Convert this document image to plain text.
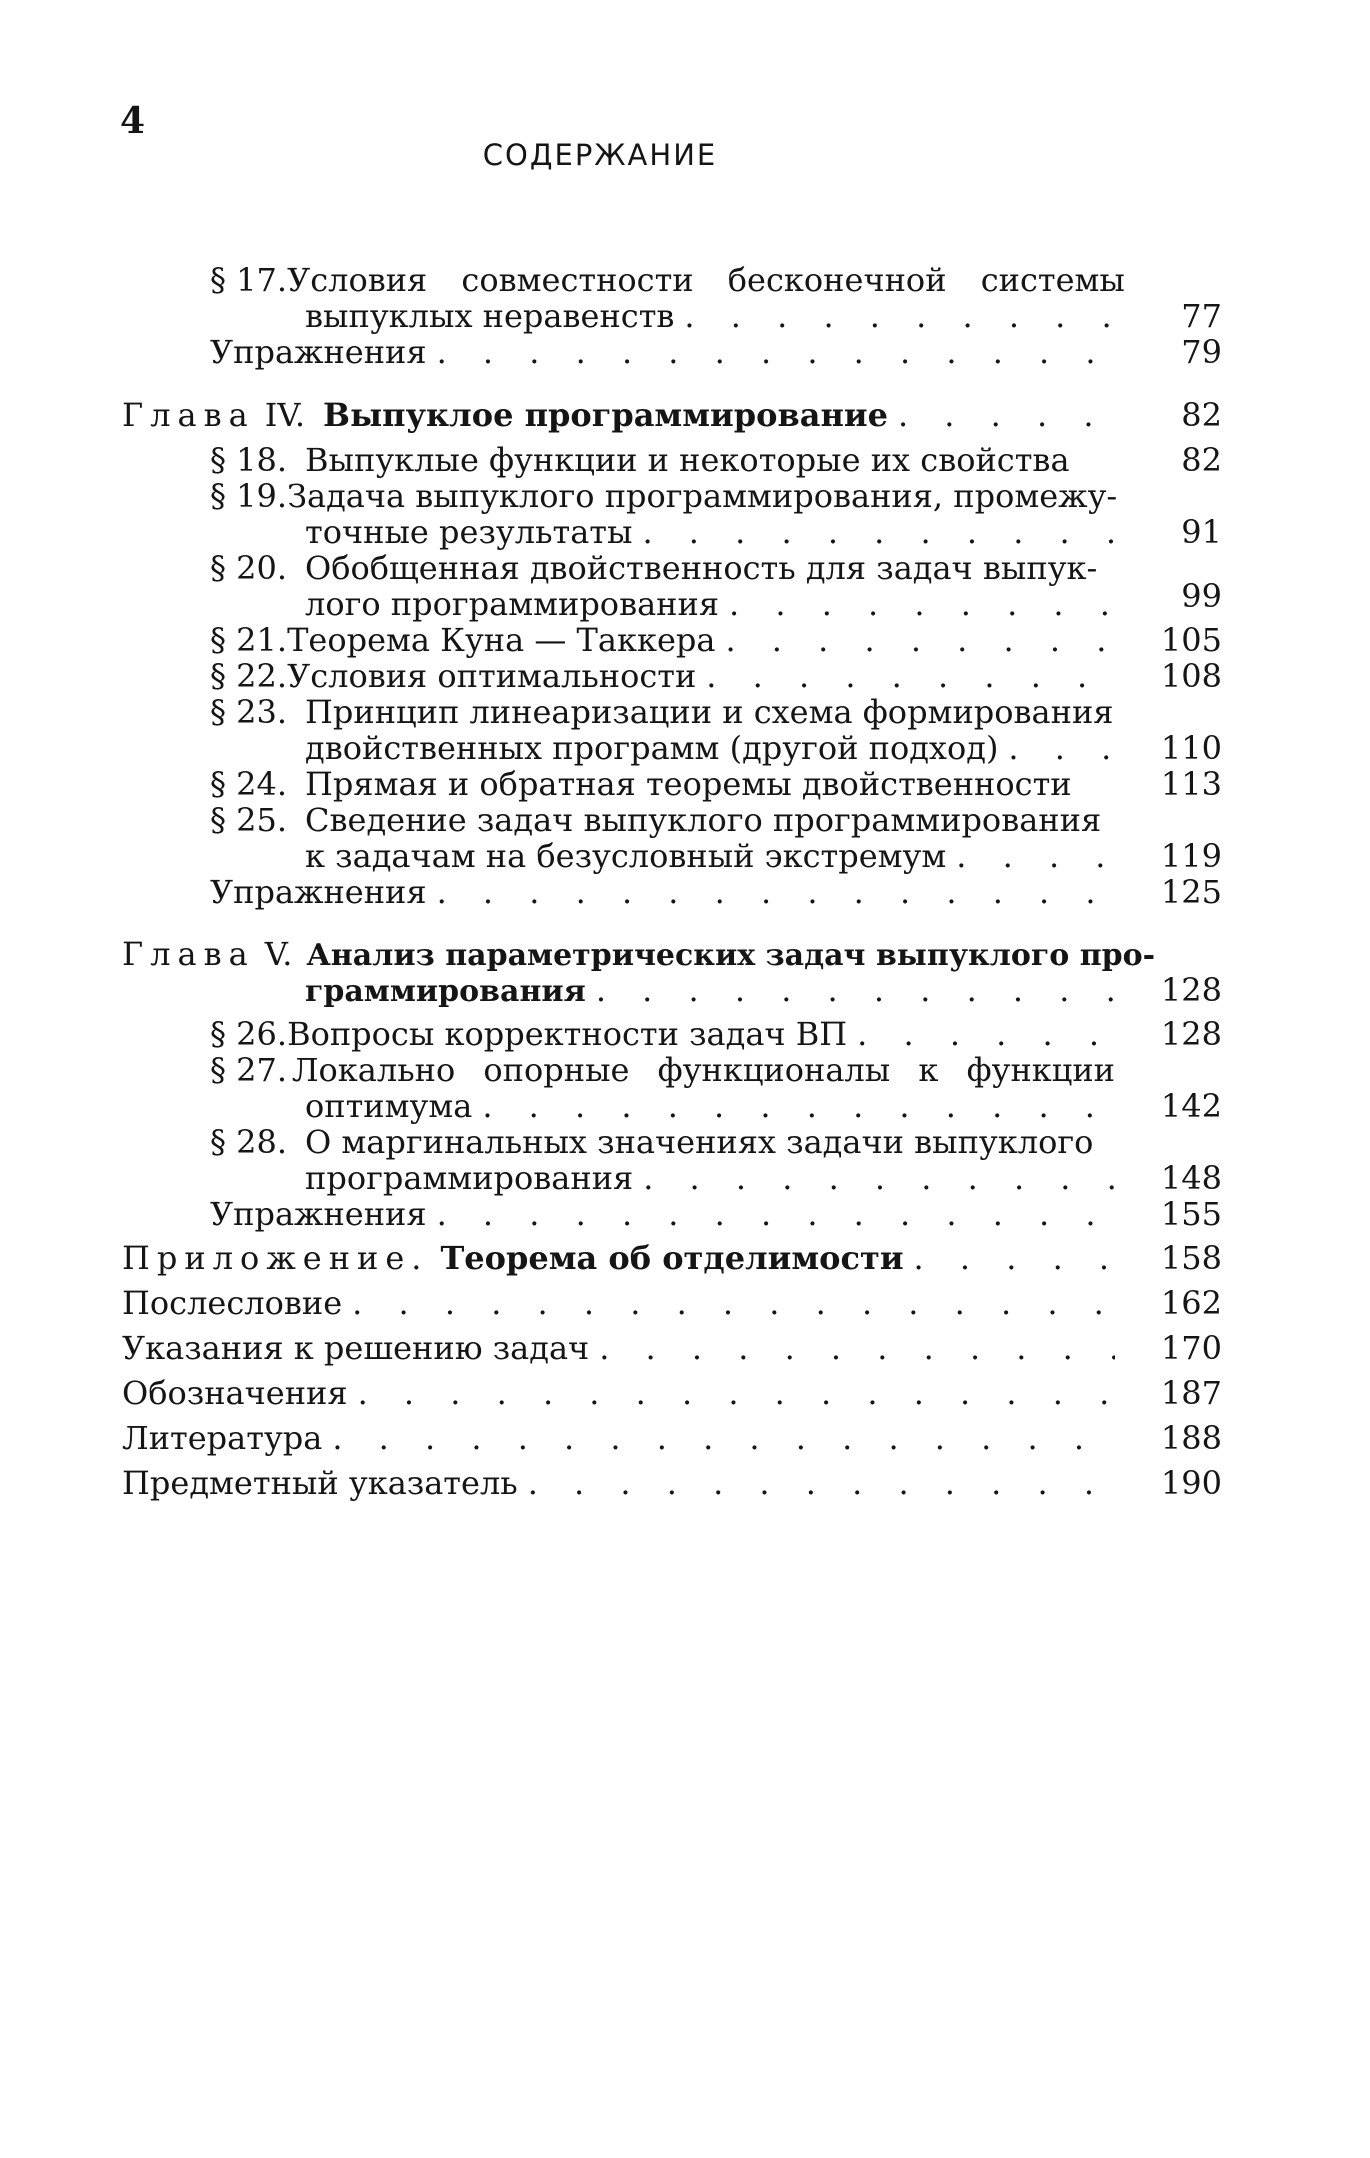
4
СОДЕРЖАНИЕ
§ 17. Условия совместности бесконечной системы
выпуклых неравенств . . .	77
Упражнения . . .	79
Глава IV. Выпуклое программирование . . .	82
§ 18. Выпуклые функции и некоторые их свойства	82
§ 19. Задача выпуклого программирования, промежу-
точные результаты . . .	91
§ 20. Обобщенная двойственность для задач выпук-
лого программирования . . .	99
§ 21. Теорема Куна — Таккера . . .	105
§ 22. Условия оптимальности . . .	108
§ 23. Принцип линеаризации и схема формирования
двойственных программ (другой подход) . . .	110
§ 24. Прямая и обратная теоремы двойственности	113
§ 25. Сведение задач выпуклого программирования
к задачам на безусловный экстремум . . .	119
Упражнения . . .	125
Глава V. Анализ параметрических задач выпуклого про-
граммирования . . .	128
§ 26. Вопросы корректности задач ВП . . .	128
§ 27. Локально опорные функционалы к функции
оптимума . . .	142
§ 28. О маргинальных значениях задачи выпуклого
программирования . . .	148
Упражнения . . .	155
Приложение. Теорема об отделимости . . .	158
Послесловие . . .	162
Указания к решению задач . . .	170
Обозначения . . .	187
Литература . . .	188
Предметный указатель . . .	190
